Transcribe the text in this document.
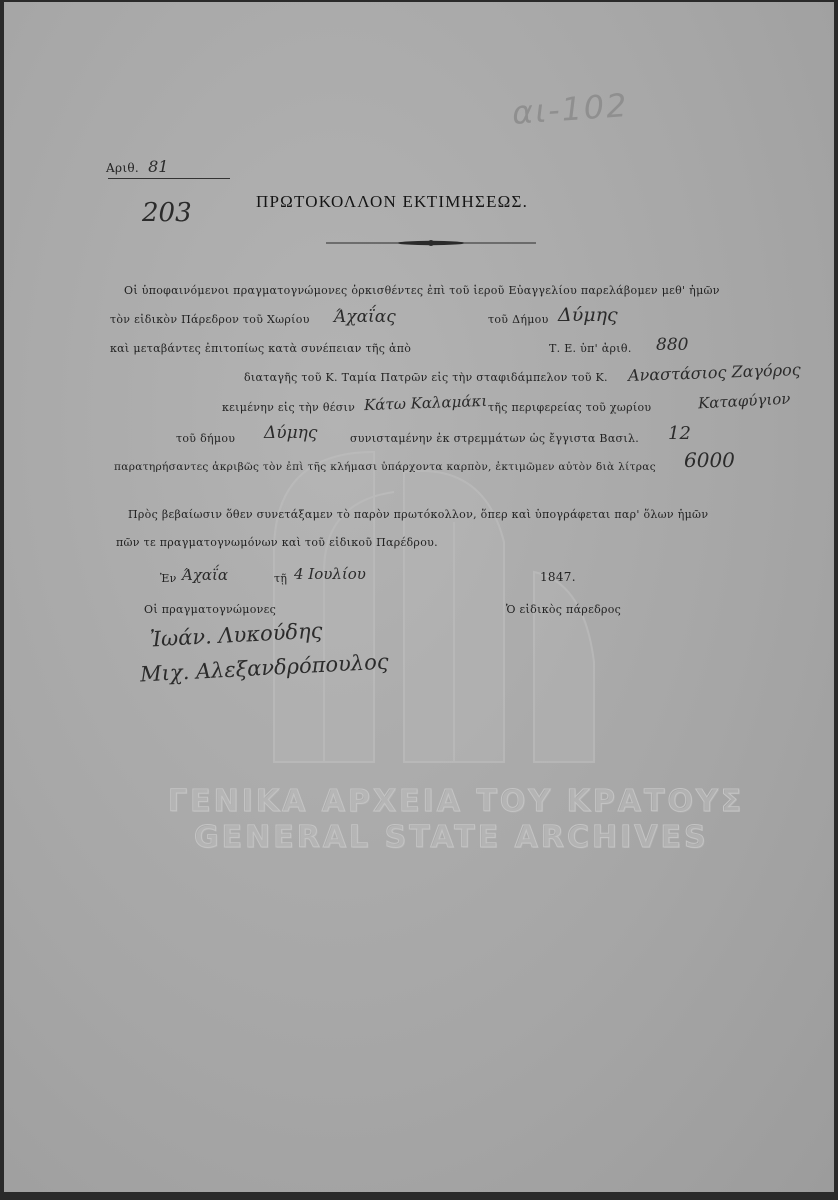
αι-102
Αριθ. 81
203	ΠΡΩΤΟΚΟΛΛΟΝ ΕΚΤΙΜΗΣΕΩΣ.
Οἱ ὑποφαινόμενοι πραγματογνώμονες ὁρκισθέντες ἐπὶ τοῦ ἱεροῦ Εὐαγγελίου παρελάβομεν μεθ' ἡμῶν
τὸν εἰδικὸν Πάρεδρον τοῦ Χωρίου Άχαΐας	τοῦ Δήμου Δύμης
καὶ μεταβάντες ἐπιτοπίως κατὰ συνέπειαν τῆς ἀπὸ	Τ. Ε. ὑπ' ἀριθ. 880
διαταγῆς τοῦ Κ. Ταμία Πατρῶν εἰς τὴν σταφιδάμπελον τοῦ Κ. Αναστάσιος Ζαγόρος
κειμένην εἰς τὴν θέσιν Κάτω Καλαμάκι τῆς περιφερείας τοῦ χωρίου	Καταφύγιον
τοῦ δήμου Δύμης	συνισταμένην ἐκ στρεμμάτων ὡς ἔγγιστα Βασιλ. 12
παρατηρήσαντες ἀκριβῶς τὸν ἐπὶ τῆς κλήμασι ὑπάρχοντα καρπὸν, ἐκτιμῶμεν αὐτὸν διὰ λίτρας 6000
Πρὸς βεβαίωσιν ὅθεν συνετάξαμεν τὸ παρὸν πρωτόκολλον, ὅπερ καὶ ὑπογράφεται παρ' ὅλων ἡμῶν
πῶν τε πραγματογνωμόνων καὶ τοῦ εἰδικοῦ Παρέδρου.
Ἐν Άχαΐα	τῇ 4 Ιουλίου	1847.
Οἱ πραγματογνώμονες	Ὁ εἰδικὸς πάρεδρος
Ἰωάν. Λυκούδης
Μιχ. Αλεξανδρόπουλος
ΓΕΝΙΚΑ ΑΡΧΕΙΑ ΤΟΥ ΚΡΑΤΟΥΣ
GENERAL STATE ARCHIVES
